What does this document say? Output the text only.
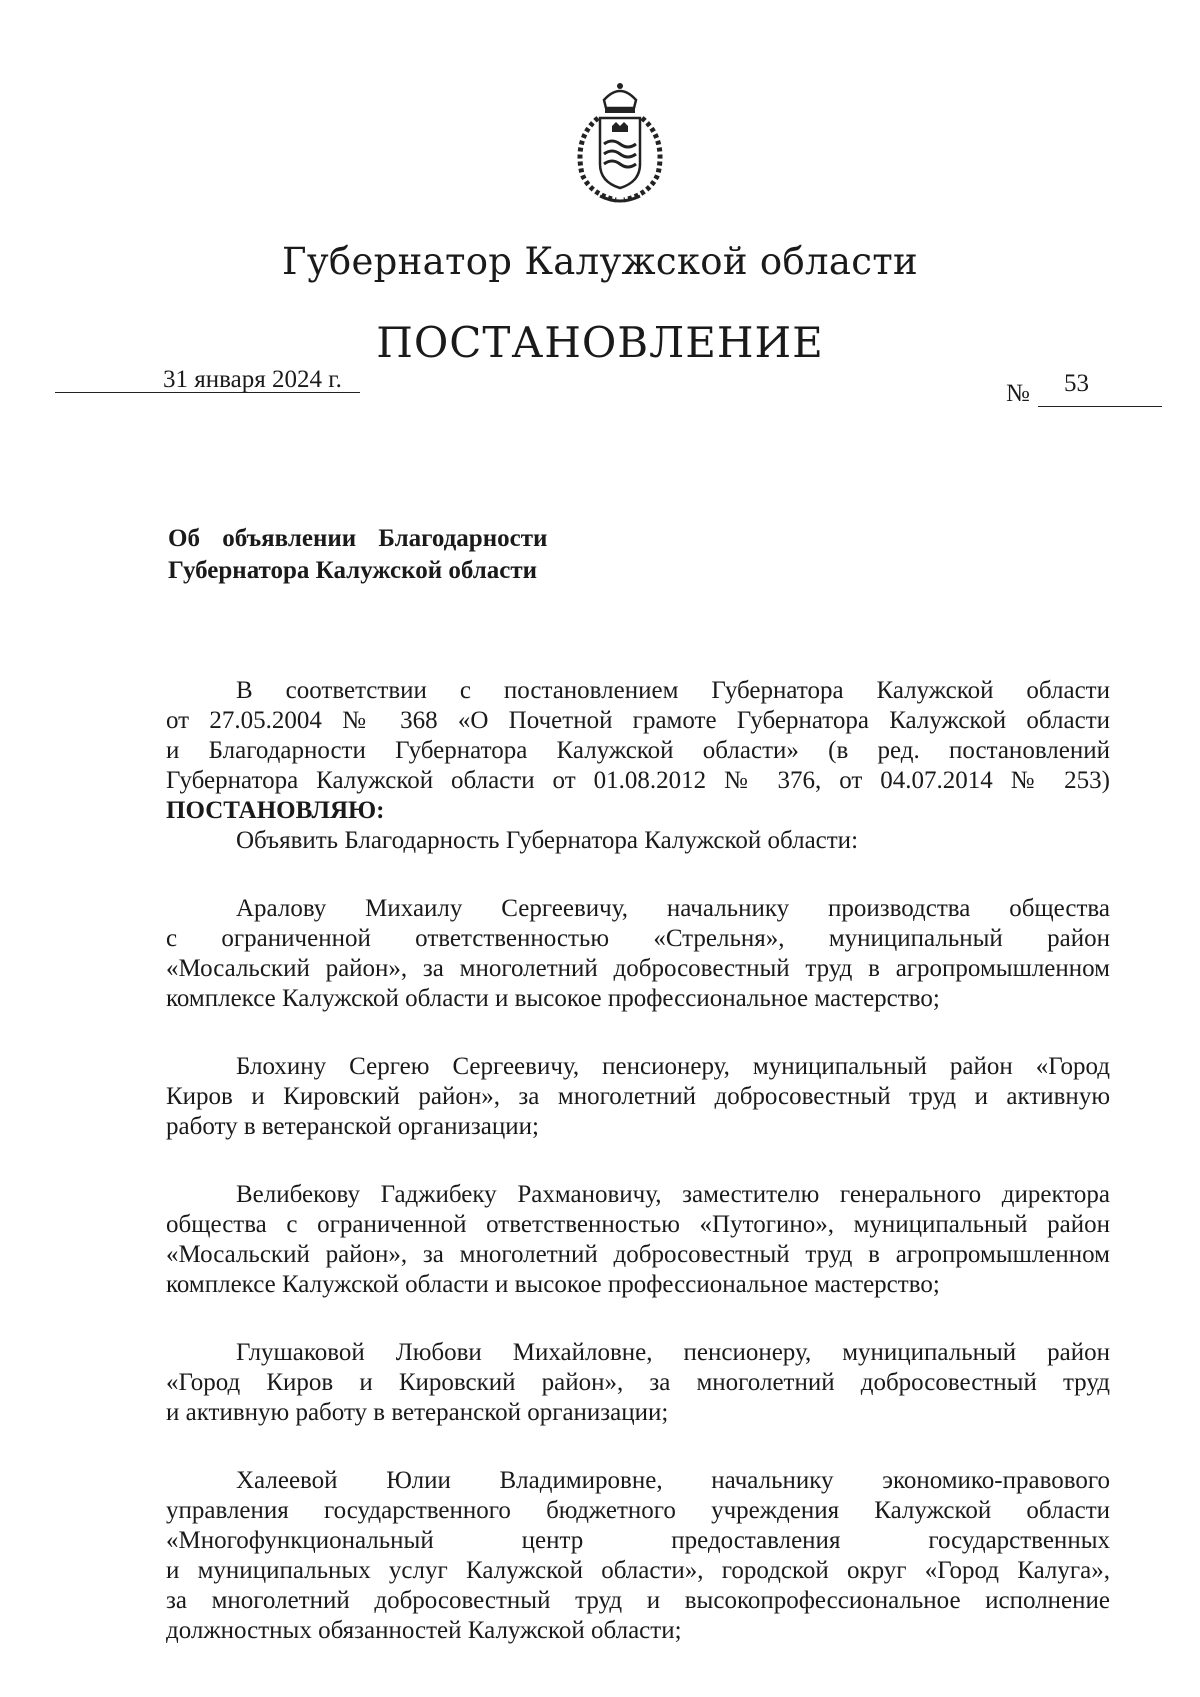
Губернатор Калужской области
ПОСТАНОВЛЕНИЕ
31 января 2024 г.
№ 53
Об объявлении Благодарности
Губернатора Калужской области

В соответствии с постановлением Губернатора Калужской области

от 27.05.2004 № 368 «О Почетной грамоте Губернатора Калужской области

и Благодарности Губернатора Калужской области» (в ред. постановлений

Губернатора Калужской области от 01.08.2012 № 376, от 04.07.2014 № 253)

ПОСТАНОВЛЯЮ:

Объявить Благодарность Губернатора Калужской области:

Аралову Михаилу Сергеевичу, начальнику производства общества

с ограниченной ответственностью «Стрельня», муниципальный район

«Мосальский район», за многолетний добросовестный труд в агропромышленном

комплексе Калужской области и высокое профессиональное мастерство;

Блохину Сергею Сергеевичу, пенсионеру, муниципальный район «Город

Киров и Кировский район», за многолетний добросовестный труд и активную

работу в ветеранской организации;

Велибекову Гаджибеку Рахмановичу, заместителю генерального директора

общества с ограниченной ответственностью «Путогино», муниципальный район

«Мосальский район», за многолетний добросовестный труд в агропромышленном

комплексе Калужской области и высокое профессиональное мастерство;

Глушаковой Любови Михайловне, пенсионеру, муниципальный район

«Город Киров и Кировский район», за многолетний добросовестный труд

и активную работу в ветеранской организации;

Халеевой Юлии Владимировне, начальнику экономико-правового

управления государственного бюджетного учреждения Калужской области

«Многофункциональный центр предоставления государственных

и муниципальных услуг Калужской области», городской округ «Город Калуга»,

за многолетний добросовестный труд и высокопрофессиональное исполнение

должностных обязанностей Калужской области;
